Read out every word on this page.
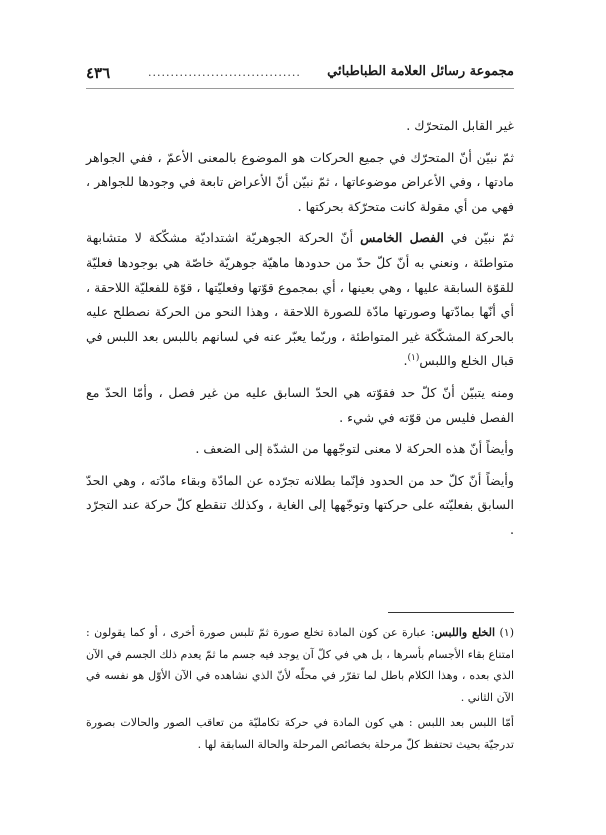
٤٣٦	.................................. مجموعة رسائل العلامة الطباطبائي

غير القابل المتحرّك .

ثمّ نبيّن أنّ المتحرّك في جميع الحركات هو الموضوع بالمعنى الأعمّ ، ففي الجواهر مادتها ، وفي الأعراض موضوعاتها ، ثمّ نبيّن أنّ الأعراض تابعة في وجودها للجواهر ، فهي من أي مقولة كانت متحرّكة بحركتها .

ثمّ نبيّن في الفصل الخامس أنّ الحركة الجوهريّة اشتداديّة مشكّكة لا متشابهة متواطئة ، ونعني به أنّ كلّ حدّ من حدودها ماهيّة جوهريّة خاصّة هي بوجودها فعليّة للقوّة السابقة عليها ، وهي بعينها ، أي بمجموع قوّتها وفعليّتها ، قوّة للفعليّة اللاحقة ، أي أنّها بمادّتها وصورتها مادّة للصورة اللاحقة ، وهذا النحو من الحركة نصطلح عليه بالحركة المشكّكة غير المتواطئة ، وربّما يعبّر عنه في لسانهم باللبس بعد اللبس في قبال الخلع واللبس$^{(١)}$.

ومنه يتبيّن أنّ كلّ حد فقوّته هي الحدّ السابق عليه من غير فصل ، وأمّا الحدّ مع الفصل فليس من قوّته في شيء .

وأيضاً أنّ هذه الحركة لا معنى لتوجّهها من الشدّة إلى الضعف .

وأيضاً أنّ كلّ حد من الحدود فإنّما بطلانه تجرّده عن المادّة وبقاء مادّته ، وهي الحدّ السابق بفعليّته على حركتها وتوجّهها إلى الغاية ، وكذلك تنقطع كلّ حركة عند التجرّد .

(١) الخلع واللبس: عبارة عن كون المادة تخلع صورة ثمّ تلبس صورة أخرى ، أو كما يقولون : امتناع بقاء الأجسام بأسرها ، بل هي في كلّ آن يوجد فيه جسم ما ثمّ يعدم ذلك الجسم في الآن الذي بعده ، وهذا الكلام باطل لما تقرّر في محلّه لأنّ الذي نشاهده في الآن الأوّل هو نفسه في الآن الثاني .

أمّا اللبس بعد اللبس : هي كون المادة في حركة تكامليّة من تعاقب الصور والحالات بصورة تدرجيّة بحيث تحتفظ كلّ مرحلة بخصائص المرحلة والحالة السابقة لها .
